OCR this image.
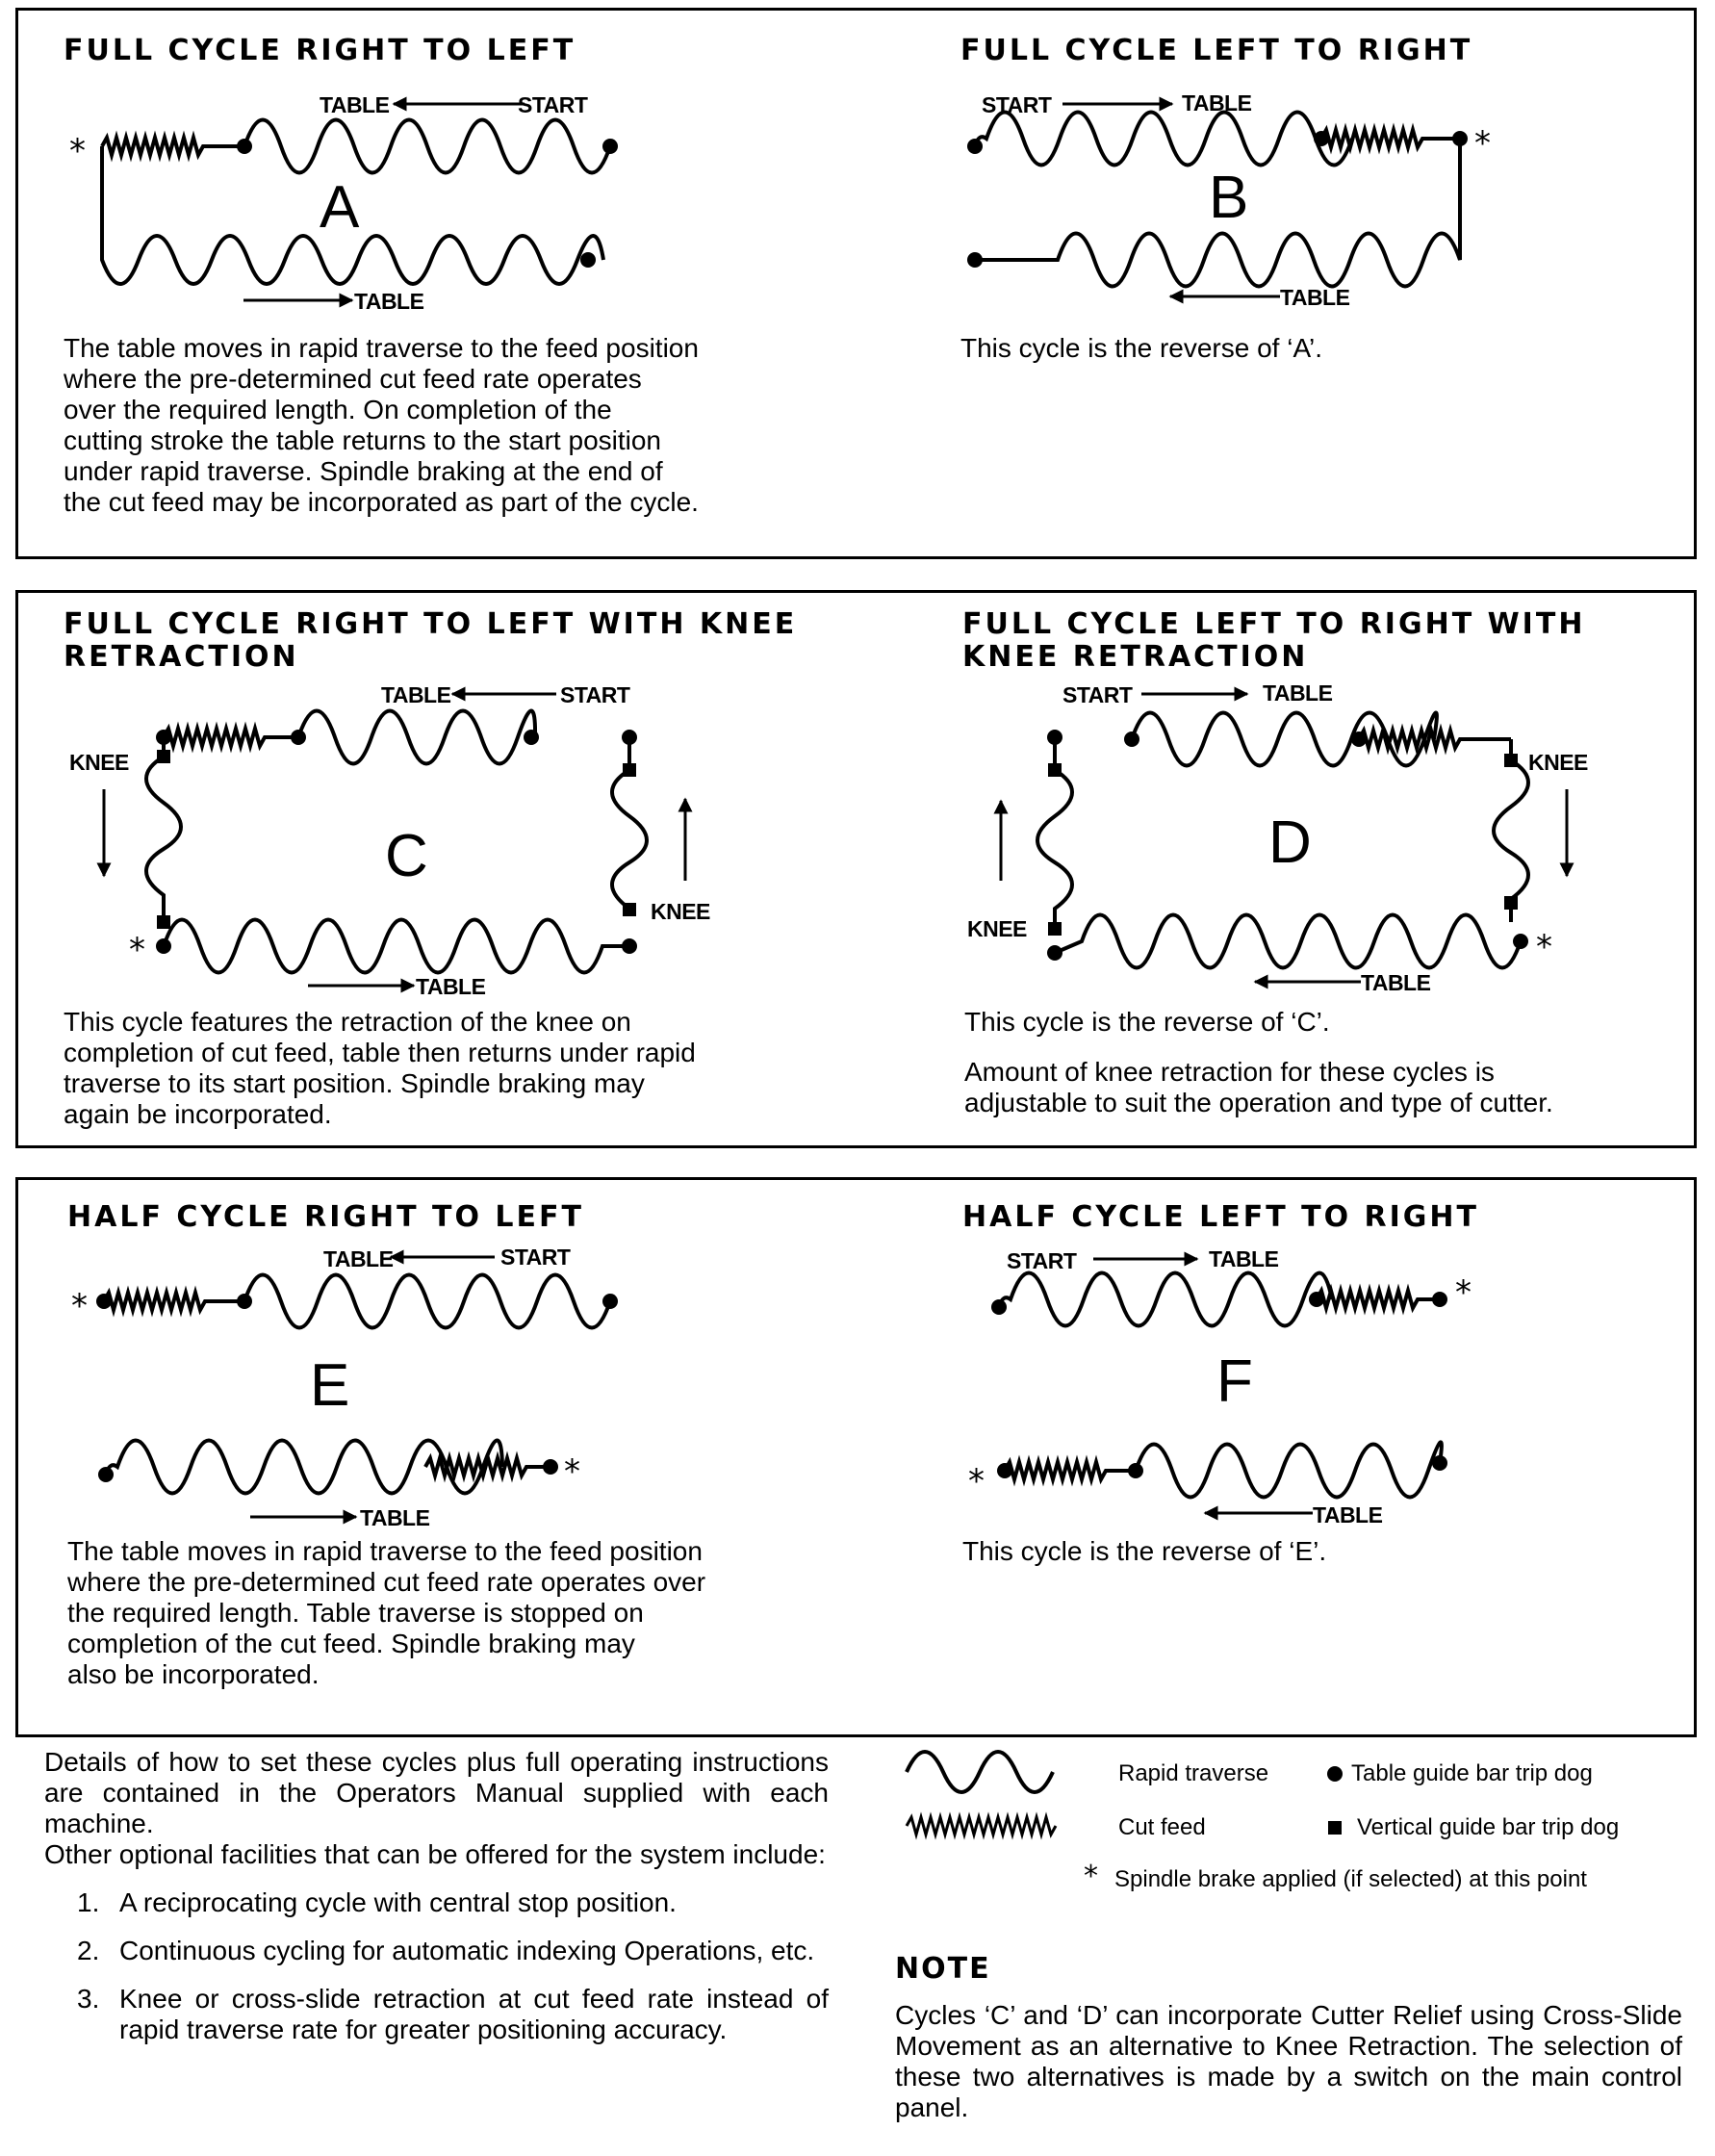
FULL CYCLE RIGHT TO LEFT	FULL CYCLE LEFT TO RIGHT

The table moves in rapid traverse to the feed position
where the pre-determined cut feed rate operates
over the required length. On completion of the
cutting stroke the table returns to the start position
under rapid traverse. Spindle braking at the end of
the cut feed may be incorporated as part of the cycle.

This cycle is the reverse of ‘A’.

FULL CYCLE RIGHT TO LEFT WITH KNEE
RETRACTION
FULL CYCLE LEFT TO RIGHT WITH
KNEE RETRACTION

This cycle features the retraction of the knee on
completion of cut feed, table then returns under rapid
traverse to its start position. Spindle braking may
again be incorporated.

This cycle is the reverse of ‘C’.

Amount of knee retraction for these cycles is
adjustable to suit the operation and type of cutter.

HALF CYCLE RIGHT TO LEFT	HALF CYCLE LEFT TO RIGHT

The table moves in rapid traverse to the feed position
where the pre-determined cut feed rate operates over
the required length. Table traverse is stopped on
completion of the cut feed. Spindle braking may
also be incorporated.

This cycle is the reverse of ‘E’.

*
TABLE	START
A
TABLE
*
START	TABLE
B
TABLE
*
TABLE	START
KNEE
KNEE
C
TABLE
*
START	TABLE
KNEE
KNEE
D
TABLE
*
*
TABLE	START
E
TABLE
*
*
START	TABLE
F
TABLE

Details of how to set these cycles plus full operating instructions are contained in the Operators Manual supplied with each machine.

Other optional facilities that can be offered for the system include:

1. A reciprocating cycle with central stop position.
2. Continuous cycling for automatic indexing Operations, etc.
3. Knee or cross-slide retraction at cut feed rate instead of rapid traverse rate for greater positioning accuracy.
*
Rapid traverse
Cut feed
Table guide bar trip dog
Vertical guide bar trip dog
Spindle brake applied (if selected) at this point
NOTE

Cycles ‘C’ and ‘D’ can incorporate Cutter Relief using Cross-Slide Movement as an alternative to Knee Retraction. The selection of these two alternatives is made by a switch on the main control panel.
